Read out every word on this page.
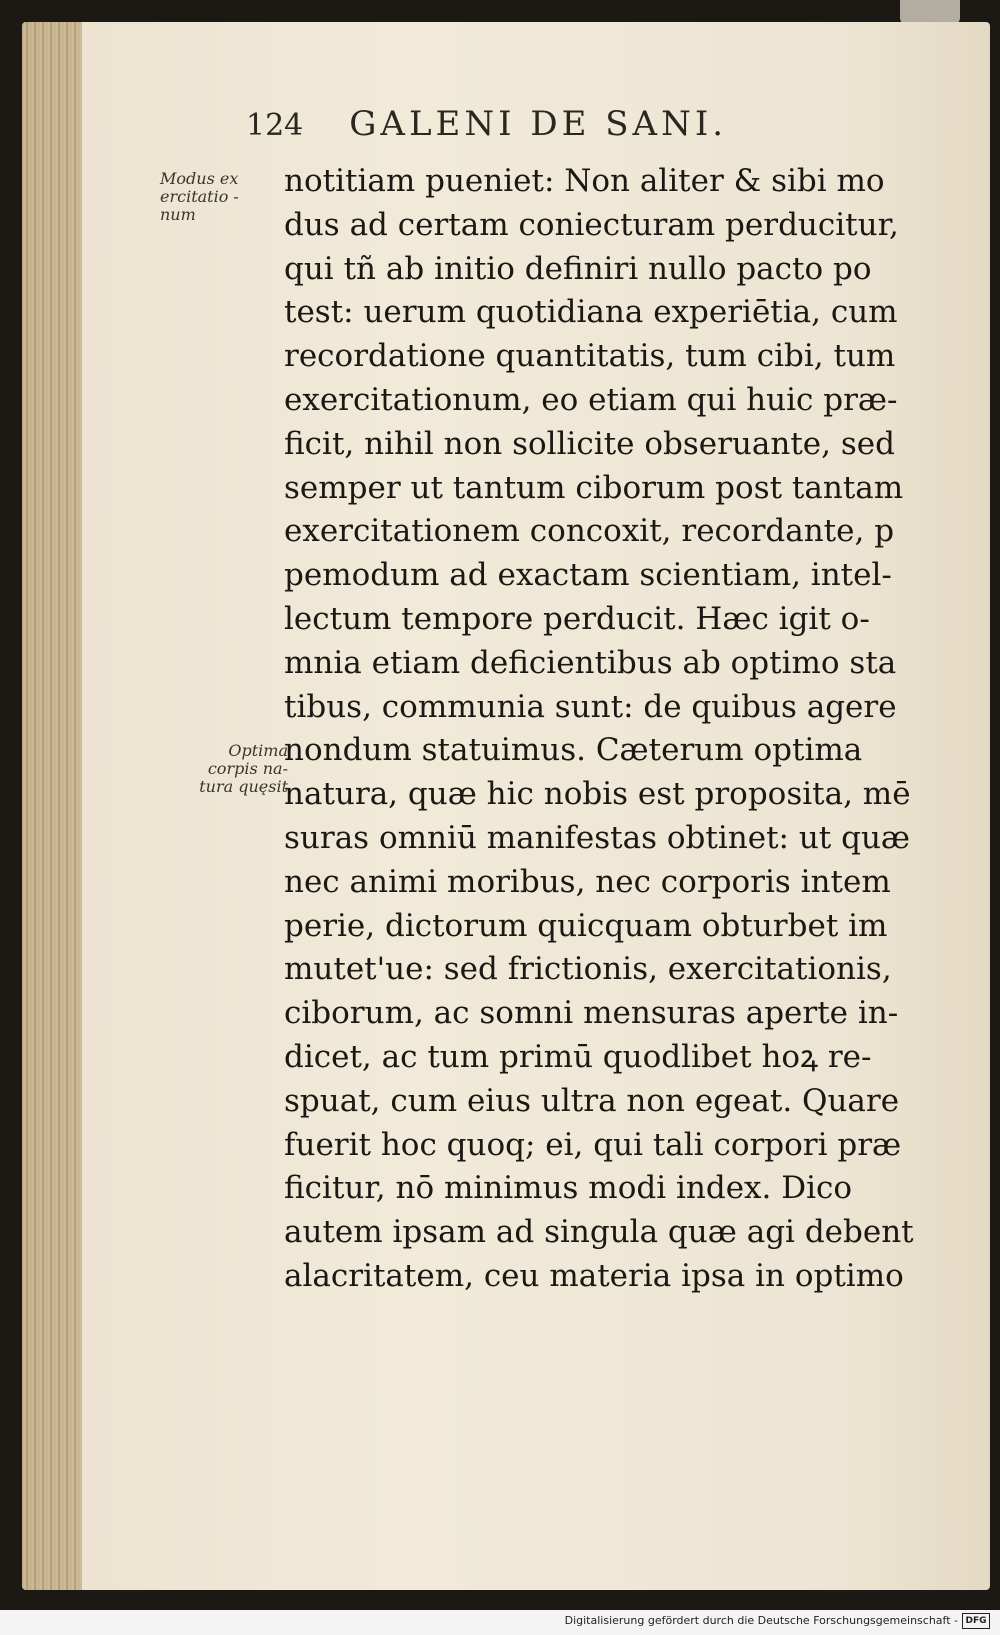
124 GALENI DE SANI.
Modus ex
ercitatio -
num
Optima
corpis na-
tura quęsit
notitiam pueniet: Non aliter & sibi mo
dus ad certam coniecturam perducitur,
qui tñ ab initio definiri nullo pacto po
test: uerum quotidiana experiētia, cum
recordatione quantitatis, tum cibi, tum
exercitationum, eo etiam qui huic præ-
ficit, nihil non sollicite obseruante, sed
semper ut tantum ciborum post tantam
exercitationem concoxit, recordante, p
pemodum ad exactam scientiam, intel-
lectum tempore perducit. Hæc igit o-
mnia etiam deficientibus ab optimo sta
tibus, communia sunt: de quibus agere
nondum statuimus. Cæterum optima
natura, quæ hic nobis est proposita, mē
suras omniū manifestas obtinet: ut quæ
nec animi moribus, nec corporis intem
perie, dictorum quicquam obturbet im
mutet'ue: sed frictionis, exercitationis,
ciborum, ac somni mensuras aperte in-
dicet, ac tum primū quodlibet hoꝝ re-
spuat, cum eius ultra non egeat. Quare
fuerit hoc quoq; ei, qui tali corpori præ
ficitur, nō minimus modi index. Dico
autem ipsam ad singula quæ agi debent
alacritatem, ceu materia ipsa in optimo
Digitalisierung gefördert durch die Deutsche Forschungsgemeinschaft - DFG
